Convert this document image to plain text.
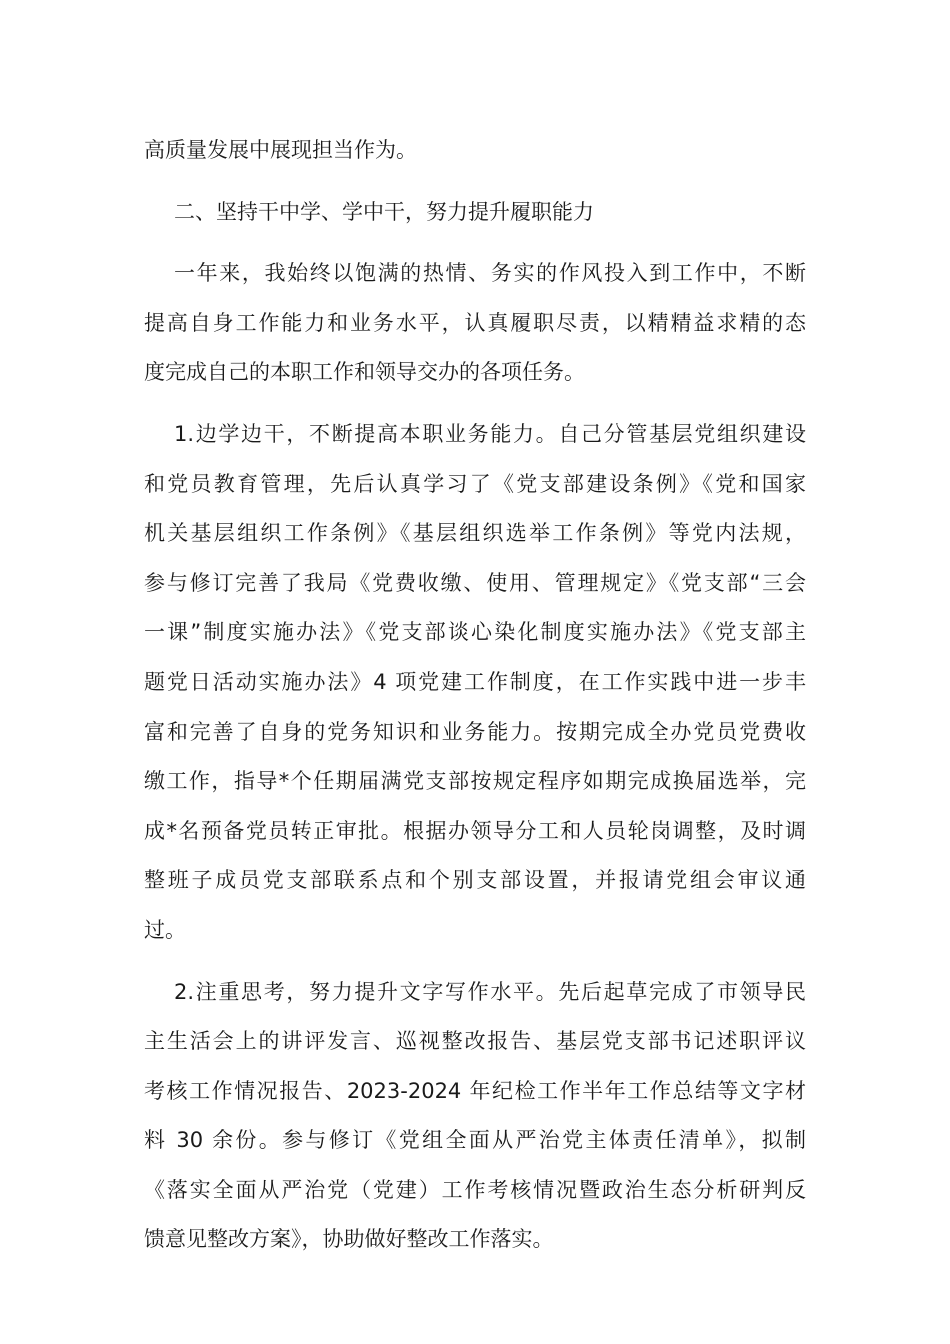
高质量发展中展现担当作为。
二、坚持干中学、学中干，努力提升履职能力
一年来，我始终以饱满的热情、务实的作风投入到工作中，不断
提高自身工作能力和业务水平，认真履职尽责，以精精益求精的态
度完成自己的本职工作和领导交办的各项任务。
1.边学边干，不断提高本职业务能力。自己分管基层党组织建设
和党员教育管理，先后认真学习了《党支部建设条例》《党和国家
机关基层组织工作条例》《基层组织选举工作条例》等党内法规，
参与修订完善了我局《党费收缴、使用、管理规定》《党支部“三会
一课”制度实施办法》《党支部谈心染化制度实施办法》《党支部主
题党日活动实施办法》4 项党建工作制度，在工作实践中进一步丰
富和完善了自身的党务知识和业务能力。按期完成全办党员党费收
缴工作，指导*个任期届满党支部按规定程序如期完成换届选举，完
成*名预备党员转正审批。根据办领导分工和人员轮岗调整，及时调
整班子成员党支部联系点和个别支部设置，并报请党组会审议通
过。
2.注重思考，努力提升文字写作水平。先后起草完成了市领导民
主生活会上的讲评发言、巡视整改报告、基层党支部书记述职评议
考核工作情况报告、2023-2024 年纪检工作半年工作总结等文字材
料 30 余份。参与修订《党组全面从严治党主体责任清单》，拟制
《落实全面从严治党（党建）工作考核情况暨政治生态分析研判反
馈意见整改方案》，协助做好整改工作落实。
